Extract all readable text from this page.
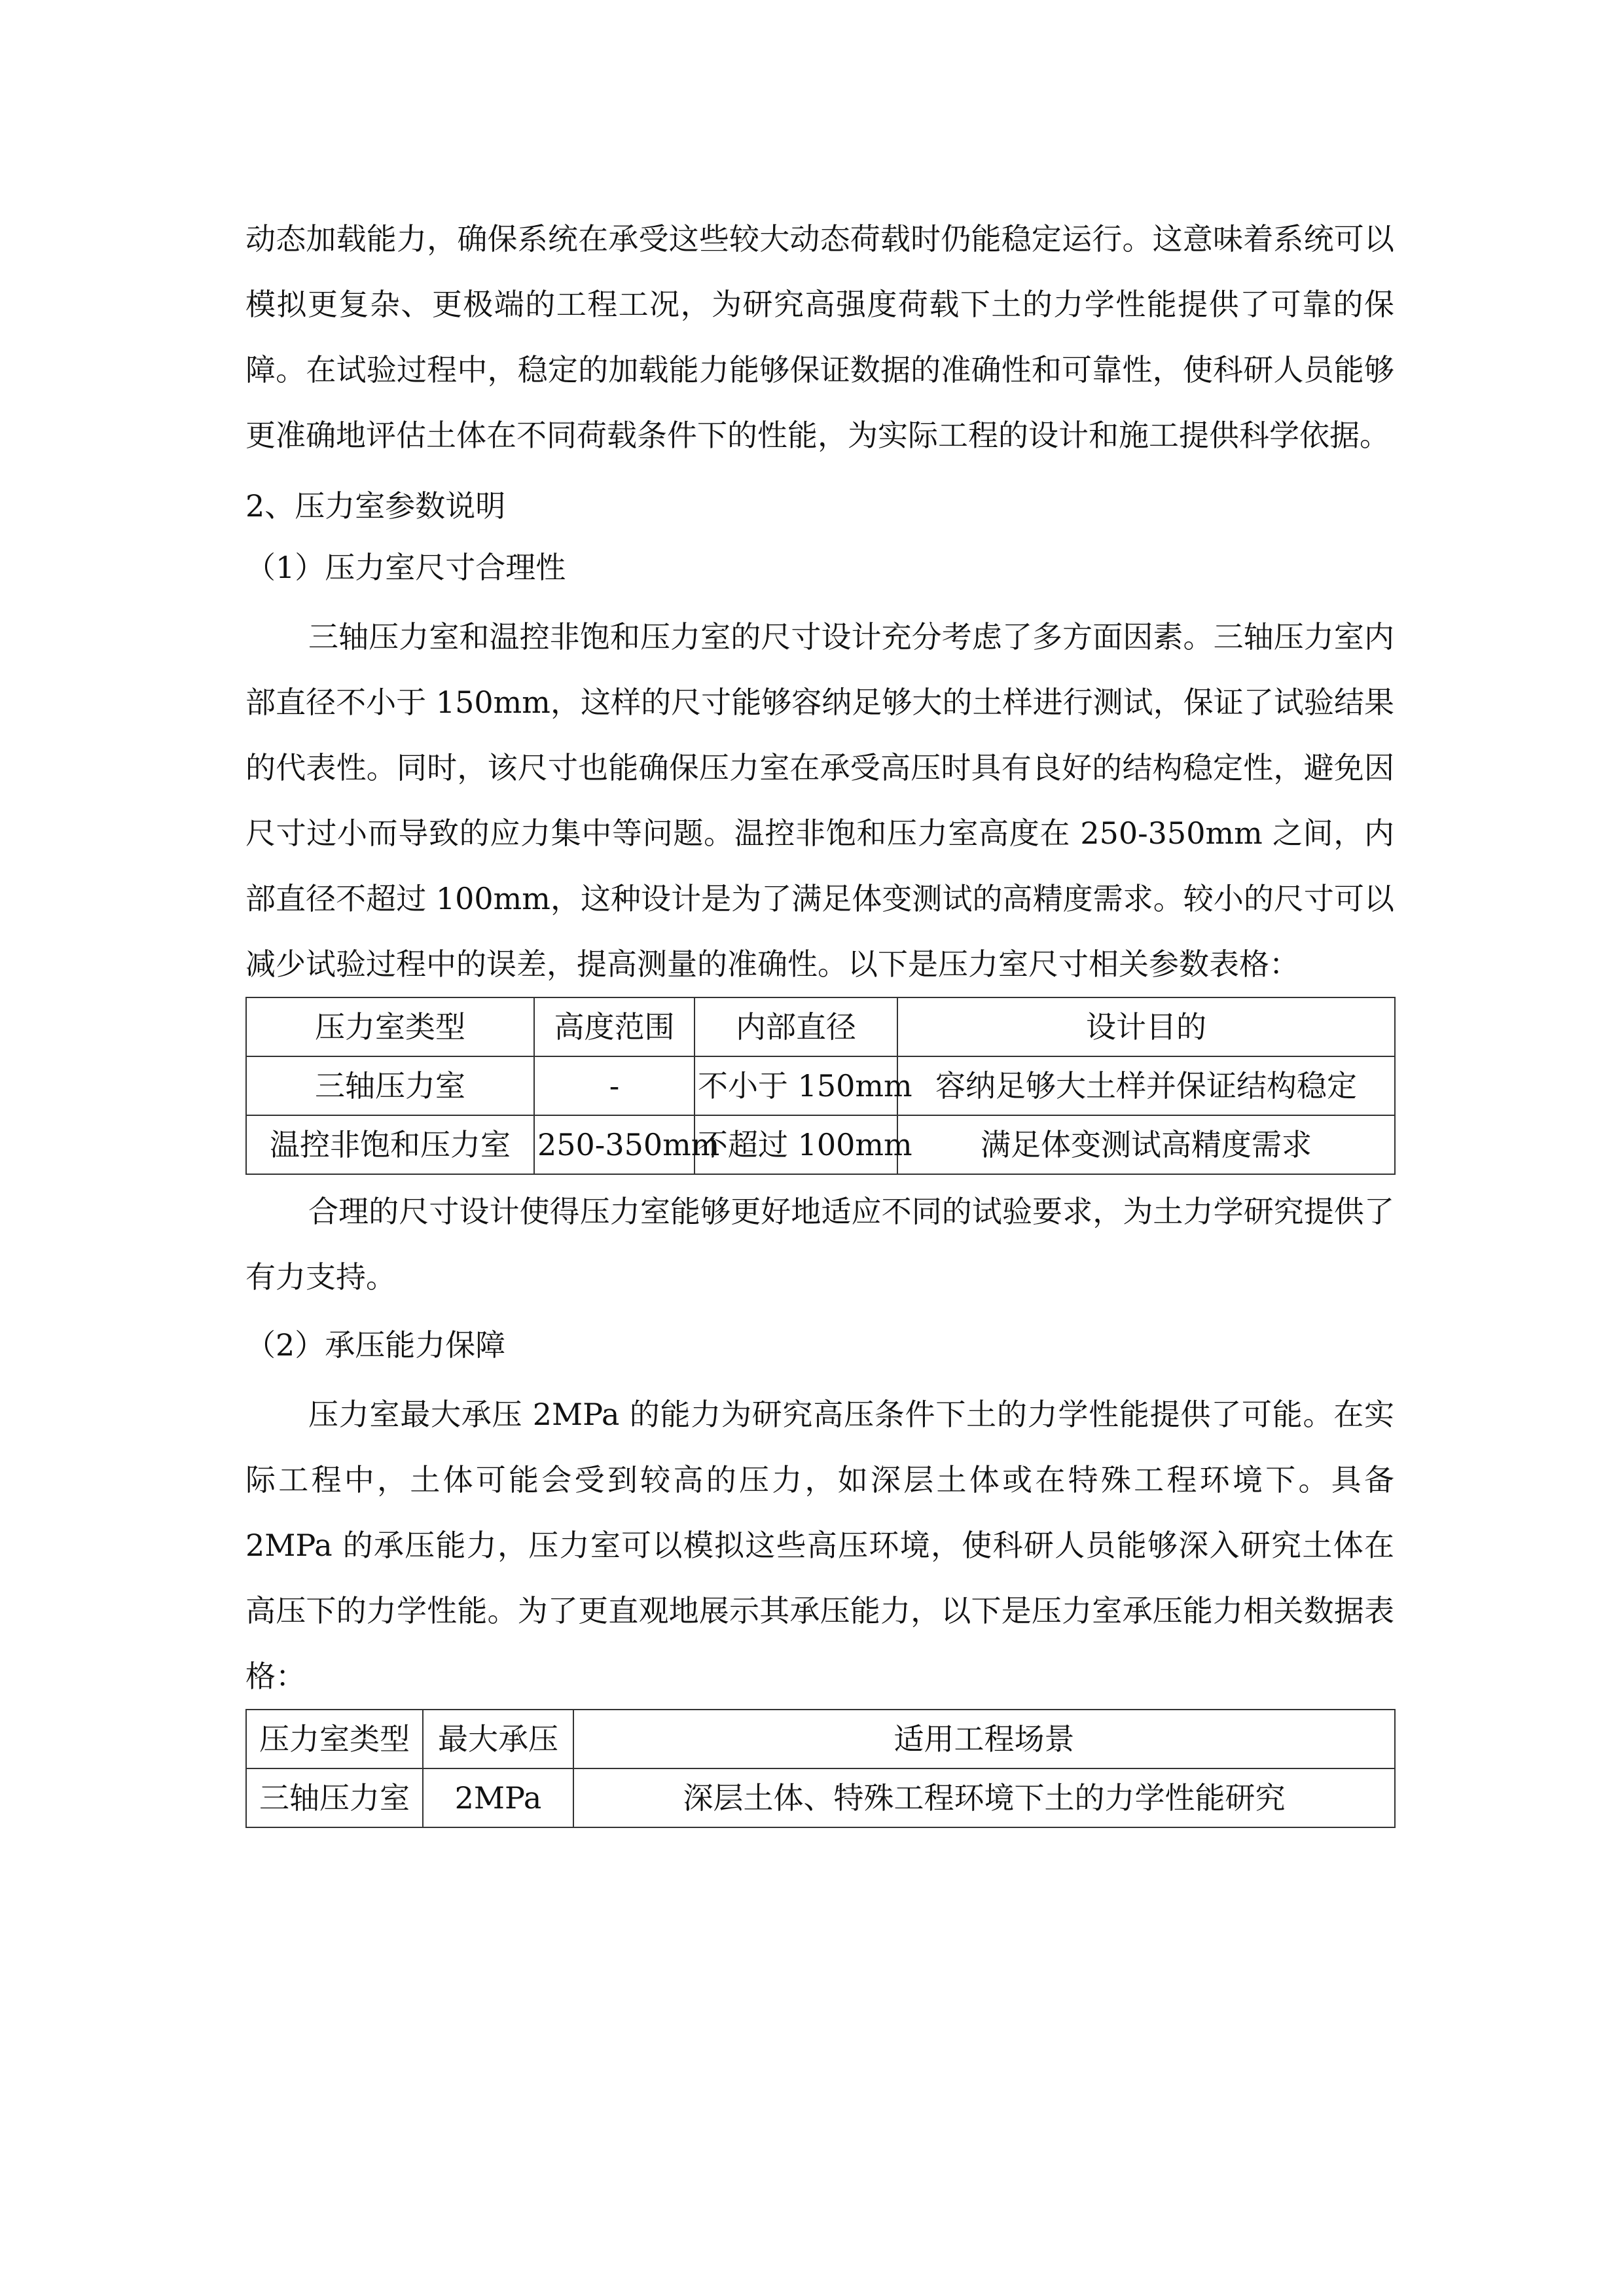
动态加载能力，确保系统在承受这些较大动态荷载时仍能稳定运行。这意味着系统可以模拟更复杂、更极端的工程工况，为研究高强度荷载下土的力学性能提供了可靠的保障。在试验过程中，稳定的加载能力能够保证数据的准确性和可靠性，使科研人员能够更准确地评估土体在不同荷载条件下的性能，为实际工程的设计和施工提供科学依据。

2、压力室参数说明

（1）压力室尺寸合理性

三轴压力室和温控非饱和压力室的尺寸设计充分考虑了多方面因素。三轴压力室内部直径不小于 150mm，这样的尺寸能够容纳足够大的土样进行测试，保证了试验结果的代表性。同时，该尺寸也能确保压力室在承受高压时具有良好的结构稳定性，避免因尺寸过小而导致的应力集中等问题。温控非饱和压力室高度在 250-350mm 之间，内部直径不超过 100mm，这种设计是为了满足体变测试的高精度需求。较小的尺寸可以减少试验过程中的误差，提高测量的准确性。以下是压力室尺寸相关参数表格：

压力室类型	高度范围	内部直径	设计目的
三轴压力室	-	不小于 150mm	容纳足够大土样并保证结构稳定
温控非饱和压力室	250-350mm	不超过 100mm	满足体变测试高精度需求

合理的尺寸设计使得压力室能够更好地适应不同的试验要求，为土力学研究提供了有力支持。

（2）承压能力保障

压力室最大承压 2MPa 的能力为研究高压条件下土的力学性能提供了可能。在实际工程中，土体可能会受到较高的压力，如深层土体或在特殊工程环境下。具备 2MPa 的承压能力，压力室可以模拟这些高压环境，使科研人员能够深入研究土体在高压下的力学性能。为了更直观地展示其承压能力，以下是压力室承压能力相关数据表格：

压力室类型	最大承压	适用工程场景
三轴压力室	2MPa	深层土体、特殊工程环境下土的力学性能研究
